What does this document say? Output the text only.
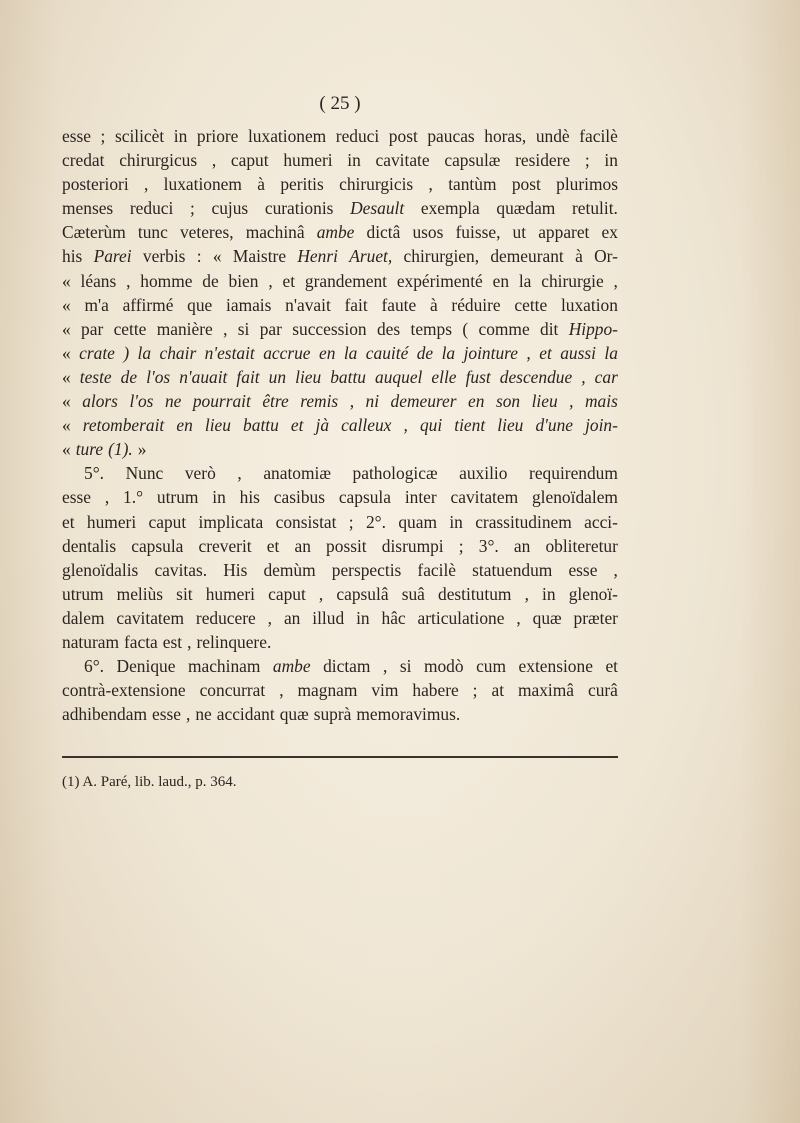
( 25 )
esse ; scilicèt in priore luxationem reduci post paucas horas, undè facilè
credat chirurgicus , caput humeri in cavitate capsulæ residere ; in
posteriori , luxationem à peritis chirurgicis , tantùm post plurimos
menses reduci ; cujus curationis Desault exempla quædam retulit.
Cæterùm tunc veteres, machinâ ambe dictâ usos fuisse, ut apparet ex
his Parei verbis : « Maistre Henri Aruet, chirurgien, demeurant à Or-
« léans , homme de bien , et grandement expérimenté en la chirurgie ,
« m'a affirmé que iamais n'avait fait faute à réduire cette luxation
« par cette manière , si par succession des temps ( comme dit Hippo-
« crate ) la chair n'estait accrue en la cauité de la jointure , et aussi la
« teste de l'os n'auait fait un lieu battu auquel elle fust descendue , car
« alors l'os ne pourrait être remis , ni demeurer en son lieu , mais
« retomberait en lieu battu et jà calleux , qui tient lieu d'une join-
« ture (1). »
5°. Nunc verò , anatomiæ pathologicæ auxilio requirendum
esse , 1.° utrum in his casibus capsula inter cavitatem glenoïdalem
et humeri caput implicata consistat ; 2°. quam in crassitudinem acci-
dentalis capsula creverit et an possit disrumpi ; 3°. an obliteretur
glenoïdalis cavitas. His demùm perspectis facilè statuendum esse ,
utrum meliùs sit humeri caput , capsulâ suâ destitutum , in glenoï-
dalem cavitatem reducere , an illud in hâc articulatione , quæ præter
naturam facta est , relinquere.
6°. Denique machinam ambe dictam , si modò cum extensione et
contrà-extensione concurrat , magnam vim habere ; at maximâ curâ
adhibendam esse , ne accidant quæ suprà memoravimus.
(1) A. Paré, lib. laud., p. 364.
